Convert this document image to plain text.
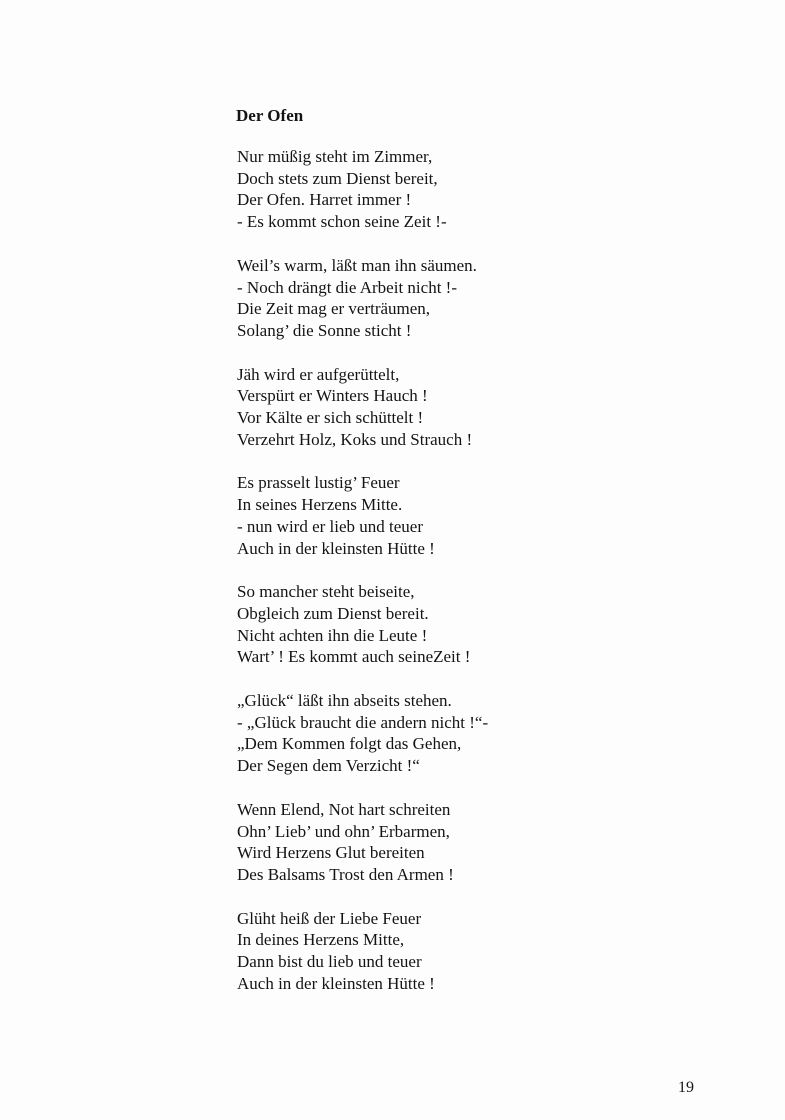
Der Ofen
Nur müßig steht im Zimmer,
Doch stets zum Dienst bereit,
Der Ofen. Harret immer !
- Es kommt schon seine Zeit !-
Weil’s warm, läßt man ihn säumen.
- Noch drängt die Arbeit nicht !-
Die Zeit mag er verträumen,
Solang’ die Sonne sticht !
Jäh wird er aufgerüttelt,
Verspürt er Winters Hauch !
Vor Kälte er sich schüttelt !
Verzehrt Holz, Koks und Strauch !
Es prasselt lustig’ Feuer
In seines Herzens Mitte.
- nun wird er lieb und teuer
Auch in der kleinsten Hütte !
So mancher steht beiseite,
Obgleich zum Dienst bereit.
Nicht achten ihn die Leute !
Wart’ ! Es kommt auch seineZeit !
„Glück“ läßt ihn abseits stehen.
- „Glück braucht die andern nicht !“-
„Dem Kommen folgt das Gehen,
Der Segen dem Verzicht !“
Wenn Elend, Not hart schreiten
Ohn’ Lieb’ und ohn’ Erbarmen,
Wird Herzens Glut bereiten
Des Balsams Trost den Armen !
Glüht heiß der Liebe Feuer
In deines Herzens Mitte,
Dann bist du lieb und teuer
Auch in der kleinsten Hütte !
19
